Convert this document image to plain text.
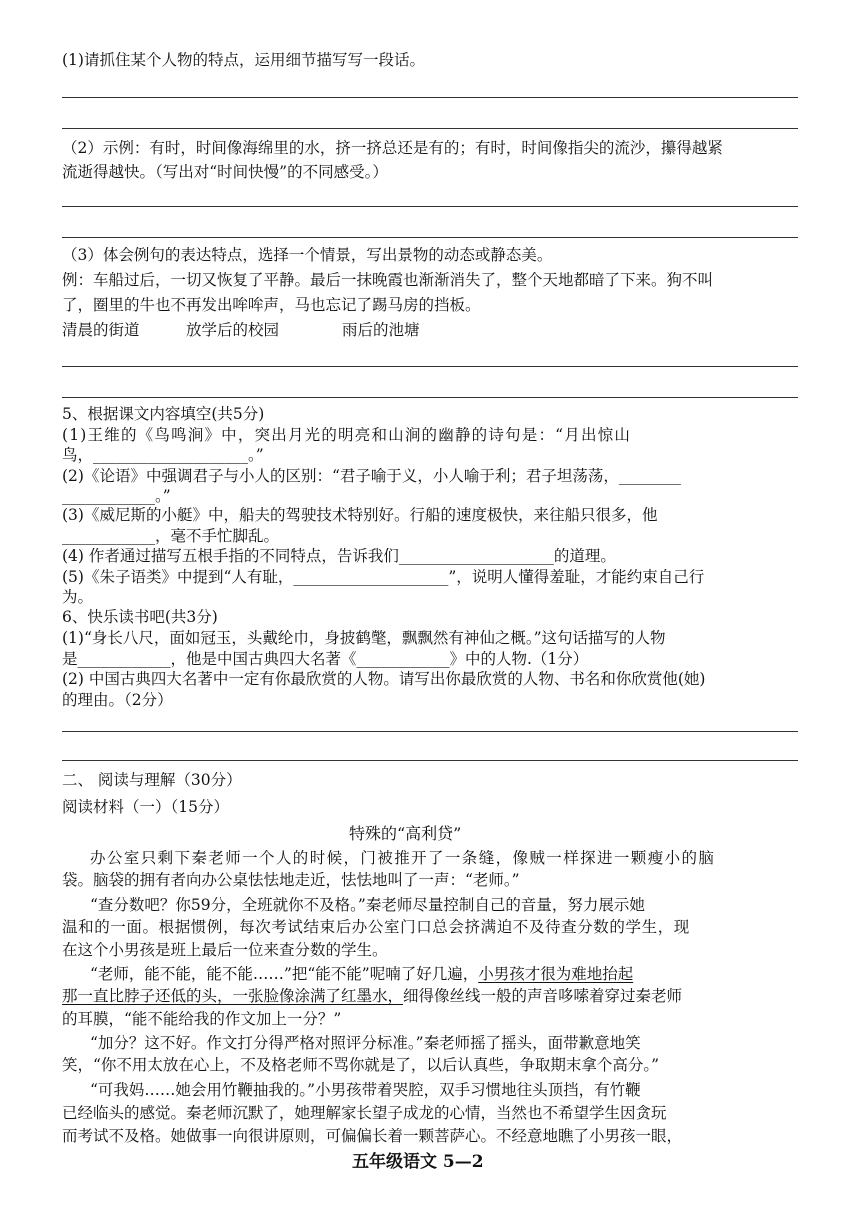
(1)请抓住某个人物的特点，运用细节描写写一段话。
（2）示例：有时，时间像海绵里的水，挤一挤总还是有的；有时，时间像指尖的流沙，攥得越紧
流逝得越快。（写出对“时间快慢”的不同感受。）
（3）体会例句的表达特点，选择一个情景，写出景物的动态或静态美。
例：车船过后，一切又恢复了平静。最后一抹晚霞也渐渐消失了，整个天地都暗了下来。狗不叫
了，圈里的牛也不再发出哞哞声，马也忘记了踢马房的挡板。
清晨的街道	放学后的校园	雨后的池塘
5、根据课文内容填空(共5分)
(1)王维的《鸟鸣涧》中，突出月光的明亮和山涧的幽静的诗句是：“月出惊山
鸟，____________________。”
(2)《论语》中强调君子与小人的区别：“君子喻于义，小人喻于利；君子坦荡荡，________
____________。”
(3)《威尼斯的小艇》中，船夫的驾驶技术特别好。行船的速度极快，来往船只很多，他
____________，毫不手忙脚乱。
(4) 作者通过描写五根手指的不同特点，告诉我们____________________的道理。
(5)《朱子语类》中提到“人有耻，____________________”，说明人懂得羞耻，才能约束自己行
为。
6、快乐读书吧(共3分)
(1)“身长八尺，面如冠玉，头戴纶巾，身披鹤氅，飘飘然有神仙之概。”这句话描写的人物
是____________，他是中国古典四大名著《____________》中的人物.（1分）
(2) 中国古典四大名著中一定有你最欣赏的人物。请写出你最欣赏的人物、书名和你欣赏他(她)
的理由。（2分）
二、 阅读与理解（30分）
阅读材料（一）（15分）
特殊的“高利贷”
办公室只剩下秦老师一个人的时候，门被推开了一条缝，像贼一样探进一颗瘦小的脑
袋。脑袋的拥有者向办公桌怯怯地走近，怯怯地叫了一声：“老师。”
“查分数吧？你59分，全班就你不及格。”秦老师尽量控制自己的音量，努力展示她
温和的一面。根据惯例，每次考试结束后办公室门口总会挤满迫不及待查分数的学生，现
在这个小男孩是班上最后一位来查分数的学生。
“老师，能不能，能不能……”把“能不能”呢喃了好几遍，小男孩才很为难地抬起
那一直比脖子还低的头，一张脸像涂满了红墨水，细得像丝线一般的声音哆嗦着穿过秦老师
的耳膜，“能不能给我的作文加上一分？”
“加分？这不好。作文打分得严格对照评分标准。”秦老师摇了摇头，面带歉意地笑
笑，“你不用太放在心上，不及格老师不骂你就是了，以后认真些，争取期末拿个高分。”
“可我妈……她会用竹鞭抽我的。”小男孩带着哭腔，双手习惯地往头顶挡，有竹鞭
已经临头的感觉。秦老师沉默了，她理解家长望子成龙的心情，当然也不希望学生因贪玩
而考试不及格。她做事一向很讲原则，可偏偏长着一颗菩萨心。不经意地瞧了小男孩一眼，
五年级语文 5—2
